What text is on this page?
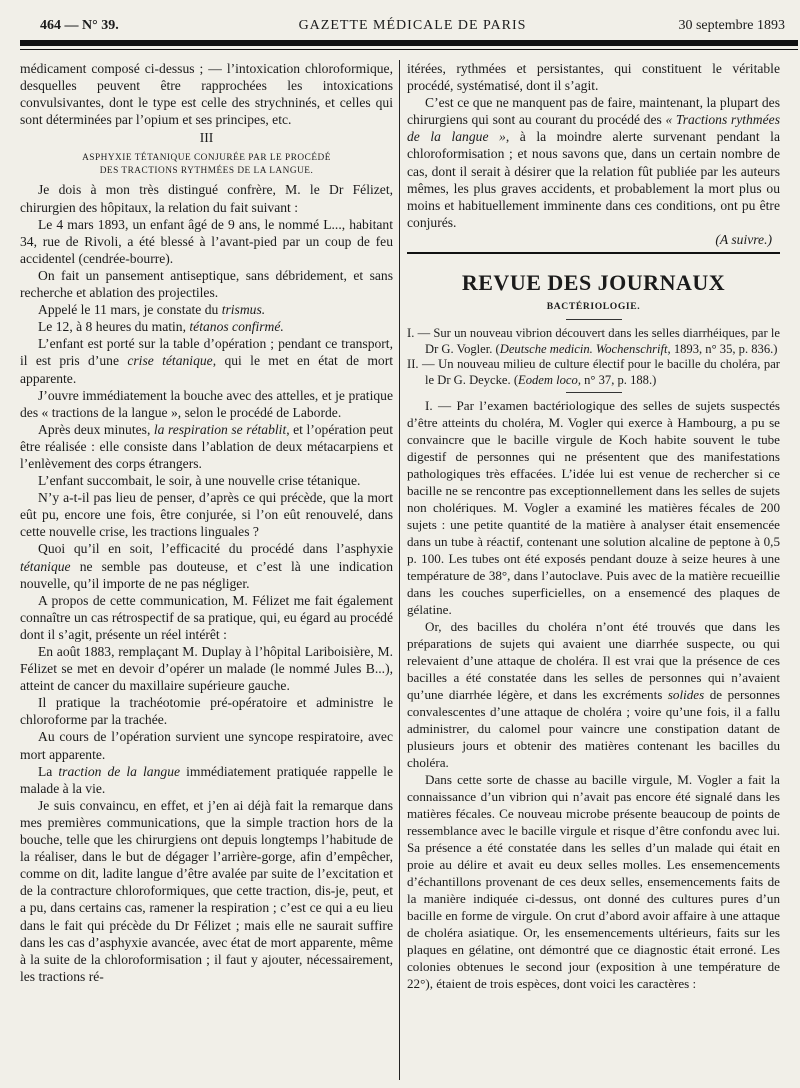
464 — N° 39.	GAZETTE MÉDICALE DE PARIS	30 septembre 1893

médicament composé ci-dessus ; — l’intoxication chloroformique, desquelles peuvent être rapprochées les intoxications convulsivantes, dont le type est celle des strychninés, et celles qui sont déterminées par l’opium et ses principes, etc.

III

ASPHYXIE TÉTANIQUE CONJURÉE PAR LE PROCÉDÉ
DES TRACTIONS RYTHMÉES DE LA LANGUE.

Je dois à mon très distingué confrère, M. le Dr Félizet, chirurgien des hôpitaux, la relation du fait suivant :

Le 4 mars 1893, un enfant âgé de 9 ans, le nommé L..., habitant 34, rue de Rivoli, a été blessé à l’avant-pied par un coup de feu accidentel (cendrée-bourre).

On fait un pansement antiseptique, sans débridement, et sans recherche et ablation des projectiles.

Appelé le 11 mars, je constate du trismus.

Le 12, à 8 heures du matin, tétanos confirmé.

L’enfant est porté sur la table d’opération ; pendant ce transport, il est pris d’une crise tétanique, qui le met en état de mort apparente.

J’ouvre immédiatement la bouche avec des attelles, et je pratique des « tractions de la langue », selon le procédé de Laborde.

Après deux minutes, la respiration se rétablit, et l’opération peut être réalisée : elle consiste dans l’ablation de deux métacarpiens et l’enlèvement des corps étrangers.

L’enfant succombait, le soir, à une nouvelle crise tétanique.

N’y a-t-il pas lieu de penser, d’après ce qui précède, que la mort eût pu, encore une fois, être conjurée, si l’on eût renouvelé, dans cette nouvelle crise, les tractions linguales ?

Quoi qu’il en soit, l’efficacité du procédé dans l’asphyxie tétanique ne semble pas douteuse, et c’est là une indication nouvelle, qu’il importe de ne pas négliger.

A propos de cette communication, M. Félizet me fait également connaître un cas rétrospectif de sa pratique, qui, eu égard au procédé dont il s’agit, présente un réel intérêt :

En août 1883, remplaçant M. Duplay à l’hôpital Lariboisière, M. Félizet se met en devoir d’opérer un malade (le nommé Jules B...), atteint de cancer du maxillaire supérieure gauche.

Il pratique la trachéotomie pré-opératoire et administre le chloroforme par la trachée.

Au cours de l’opération survient une syncope respiratoire, avec mort apparente.

La traction de la langue immédiatement pratiquée rappelle le malade à la vie.

Je suis convaincu, en effet, et j’en ai déjà fait la remarque dans mes premières communications, que la simple traction hors de la bouche, telle que les chirurgiens ont depuis longtemps l’habitude de la réaliser, dans le but de dégager l’arrière-gorge, afin d’empêcher, comme on dit, ladite langue d’être avalée par suite de l’excitation et de la contracture chloroformiques, que cette traction, dis-je, peut, et a pu, dans certains cas, ramener la respiration ; c’est ce qui a eu lieu dans le fait qui précède du Dr Félizet ; mais elle ne saurait suffire dans les cas d’asphyxie avancée, avec état de mort apparente, même à la suite de la chloroformisation ; il faut y ajouter, nécessairement, les tractions ré-

itérées, rythmées et persistantes, qui constituent le véritable procédé, systématisé, dont il s’agit.

C’est ce que ne manquent pas de faire, maintenant, la plupart des chirurgiens qui sont au courant du procédé des « Tractions rythmées de la langue », à la moindre alerte survenant pendant la chloroformisation ; et nous savons que, dans un certain nombre de cas, dont il serait à désirer que la relation fût publiée par les auteurs mêmes, les plus graves accidents, et probablement la mort plus ou moins et habituellement imminente dans ces conditions, ont pu être conjurés.

(A suivre.)

REVUE DES JOURNAUX
BACTÉRIOLOGIE.

I. — Sur un nouveau vibrion découvert dans les selles diarrhéiques, par le Dr G. Vogler. (Deutsche medicin. Wochenschrift, 1893, n° 35, p. 836.)

II. — Un nouveau milieu de culture électif pour le bacille du choléra, par le Dr G. Deycke. (Eodem loco, n° 37, p. 188.)

I. — Par l’examen bactériologique des selles de sujets suspectés d’être atteints du choléra, M. Vogler qui exerce à Hambourg, a pu se convaincre que le bacille virgule de Koch habite souvent le tube digestif de personnes qui ne présentent que des manifestations pathologiques très effacées. L’idée lui est venue de rechercher si ce bacille ne se rencontre pas exceptionnellement dans les selles de sujets non cholériques. M. Vogler a examiné les matières fécales de 200 sujets : une petite quantité de la matière à analyser était ensemencée dans un tube à réactif, contenant une solution alcaline de peptone à 0,5 p. 100. Les tubes ont été exposés pendant douze à seize heures à une température de 38°, dans l’autoclave. Puis avec de la matière recueillie dans les couches superficielles, on a ensemencé des plaques de gélatine.

Or, des bacilles du choléra n’ont été trouvés que dans les préparations de sujets qui avaient une diarrhée suspecte, ou qui relevaient d’une attaque de choléra. Il est vrai que la présence de ces bacilles a été constatée dans les selles de personnes qui n’avaient qu’une diarrhée légère, et dans les excréments solides de personnes convalescentes d’une attaque de choléra ; voire qu’une fois, il a fallu administrer, du calomel pour vaincre une constipation datant de plusieurs jours et obtenir des matières contenant les bacilles du choléra.

Dans cette sorte de chasse au bacille virgule, M. Vogler a fait la connaissance d’un vibrion qui n’avait pas encore été signalé dans les matières fécales. Ce nouveau microbe présente beaucoup de points de ressemblance avec le bacille virgule et risque d’être confondu avec lui. Sa présence a été constatée dans les selles d’un malade qui était en proie au délire et avait eu deux selles molles. Les ensemencements d’échantillons provenant de ces deux selles, ensemencements faits de la manière indiquée ci-dessus, ont donné des cultures pures d’un bacille en forme de virgule. On crut d’abord avoir affaire à une attaque de choléra asiatique. Or, les ensemencements ultérieurs, faits sur les plaques en gélatine, ont démontré que ce diagnostic était erroné. Les colonies obtenues le second jour (exposition à une température de 22°), étaient de trois espèces, dont voici les caractères :
